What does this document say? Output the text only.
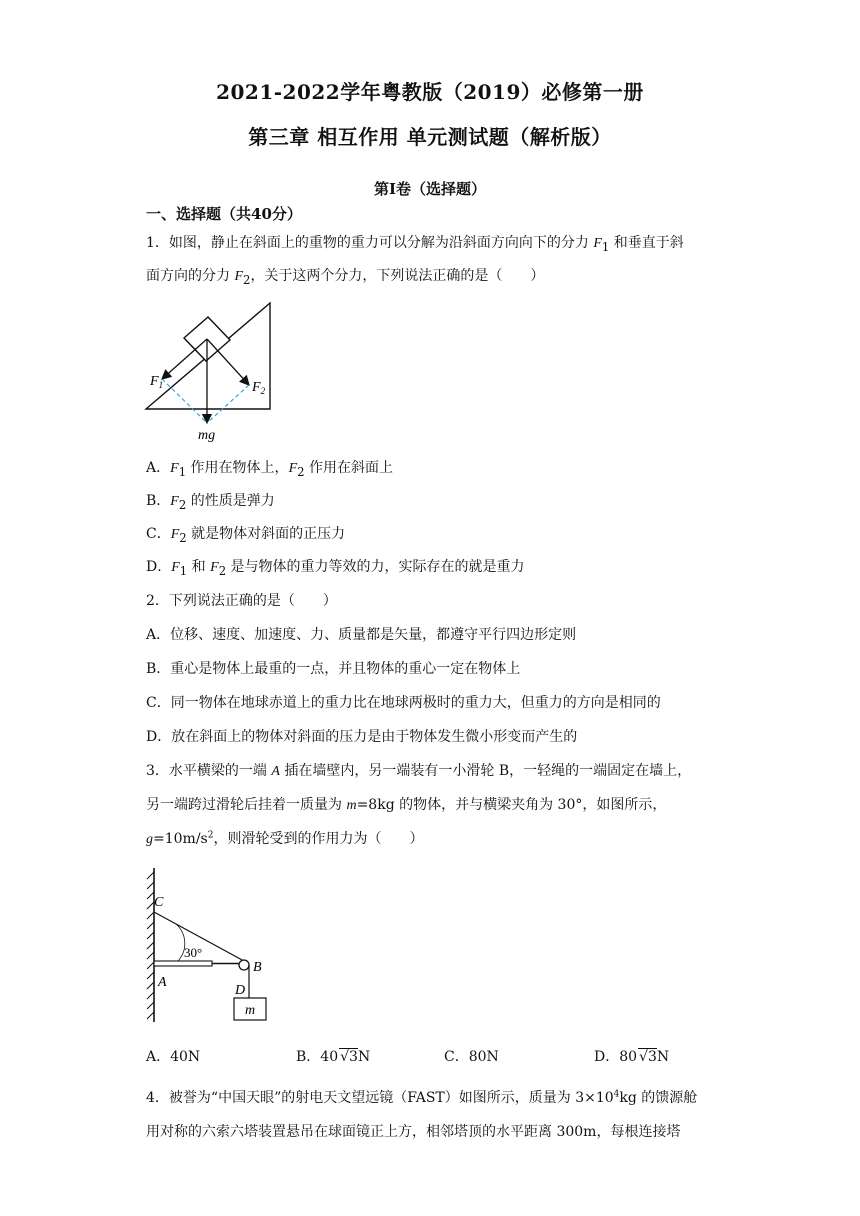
2021-2022学年粤教版（2019）必修第一册
第三章 相互作用 单元测试题（解析版）
第Ⅰ卷（选择题）
一、选择题（共40分）
1．如图，静止在斜面上的重物的重力可以分解为沿斜面方向向下的分力 $F_1$ 和垂直于斜
面方向的分力 $F_2$，关于这两个分力，下列说法正确的是（　　）
$F_1$	$F_2$
mg
A．$F_1$ 作用在物体上，$F_2$ 作用在斜面上
B．$F_2$ 的性质是弹力
C．$F_2$ 就是物体对斜面的正压力
D．$F_1$ 和 $F_2$ 是与物体的重力等效的力，实际存在的就是重力
2．下列说法正确的是（　　）
A．位移、速度、加速度、力、质量都是矢量，都遵守平行四边形定则
B．重心是物体上最重的一点，并且物体的重心一定在物体上
C．同一物体在地球赤道上的重力比在地球两极时的重力大，但重力的方向是相同的
D．放在斜面上的物体对斜面的压力是由于物体发生微小形变而产生的
3．水平横梁的一端 A 插在墙壁内，另一端装有一小滑轮 B，一轻绳的一端固定在墙上，
另一端跨过滑轮后挂着一质量为 m=8kg 的物体，并与横梁夹角为 30°，如图所示，
$g=10m/s^2$，则滑轮受到的作用力为（　　）
C
30°
A
B
D
m
A．40N	B．40 √3N	C．80N	D．80 √3N
4．被誉为“中国天眼”的射电天文望远镜（FAST）如图所示，质量为 $3\times 10^4kg$ 的馈源舱
用对称的六索六塔装置悬吊在球面镜正上方，相邻塔顶的水平距离 300m，每根连接塔
